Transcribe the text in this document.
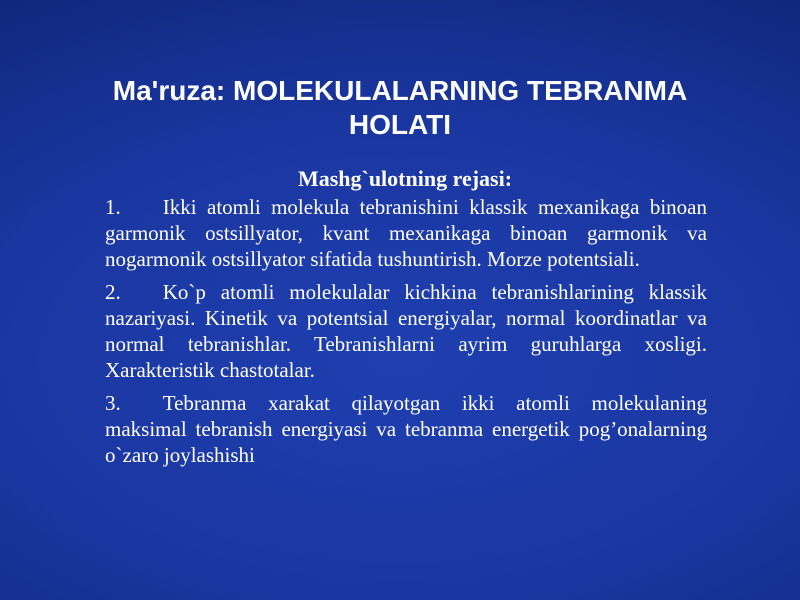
Ma'ruza: MOLEKULALARNING TEBRANMA
HOLATI
Mashg`ulotning rejasi:
1.  Ikki atomli molekula tebranishini klassik mexanikaga binoan garmonik ostsillyator, kvant mexanikaga binoan garmonik va nogarmonik ostsillyator sifatida tushuntirish. Morze potentsiali.
2.  Ko`p atomli molekulalar kichkina tebranishlarining klassik nazariyasi. Kinetik va potentsial energiyalar, normal koordinatlar va normal tebranishlar. Tebranishlarni ayrim guruhlarga xosligi. Xarakteristik chastotalar.
3.  Tebranma xarakat qilayotgan ikki atomli molekulaning maksimal tebranish energiyasi va tebranma energetik pog’onalarning o`zaro joylashishi
